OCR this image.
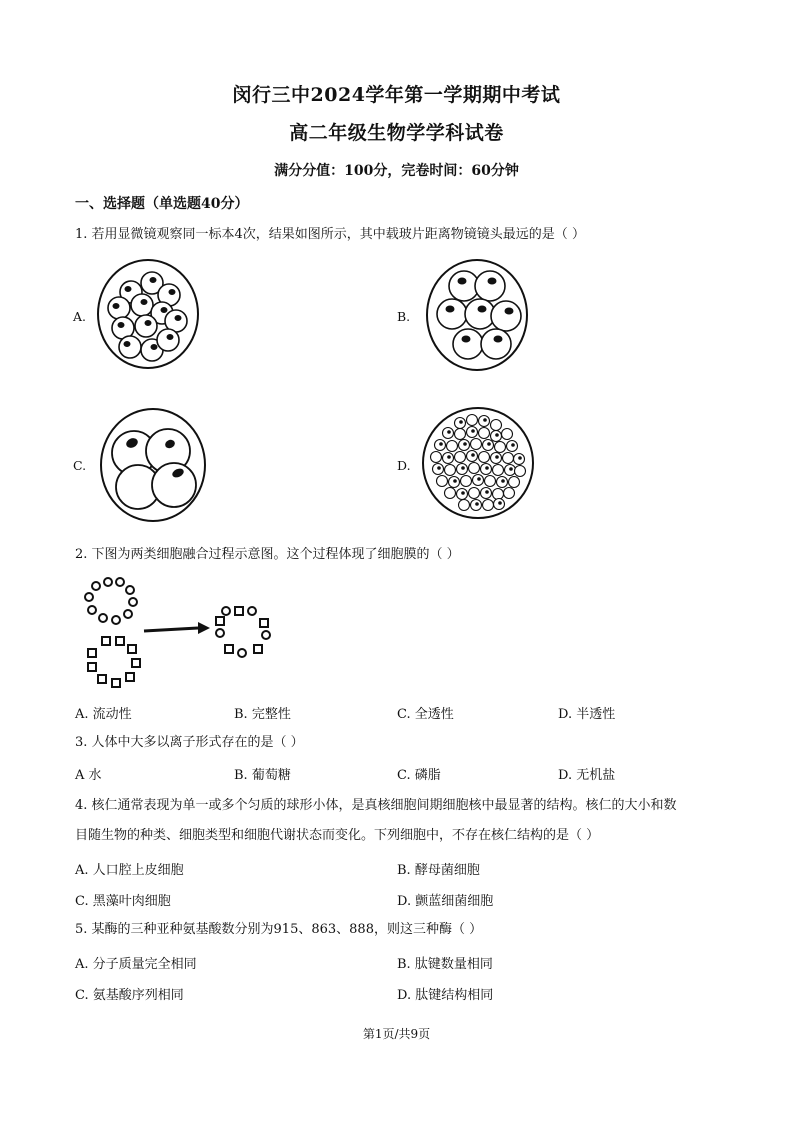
闵行三中2024学年第一学期期中考试
高二年级生物学学科试卷
满分分值：100分，完卷时间：60分钟
一、选择题（单选题40分）
1. 若用显微镜观察同一标本4次，结果如图所示，其中载玻片距离物镜镜头最远的是（ ）
A.	B.
C.	D.
2. 下图为两类细胞融合过程示意图。这个过程体现了细胞膜的（ ）
A. 流动性	B. 完整性	C. 全透性	D. 半透性
3. 人体中大多以离子形式存在的是（ ）
A 水	B. 葡萄糖	C. 磷脂	D. 无机盐
4. 核仁通常表现为单一或多个匀质的球形小体，是真核细胞间期细胞核中最显著的结构。核仁的大小和数
目随生物的种类、细胞类型和细胞代谢状态而变化。下列细胞中，不存在核仁结构的是（ ）
A. 人口腔上皮细胞	B. 酵母菌细胞
C. 黑藻叶肉细胞	D. 颤蓝细菌细胞
5. 某酶的三种亚种氨基酸数分别为915、863、888，则这三种酶（ ）
A. 分子质量完全相同	B. 肽键数量相同
C. 氨基酸序列相同	D. 肽键结构相同
第1页/共9页
